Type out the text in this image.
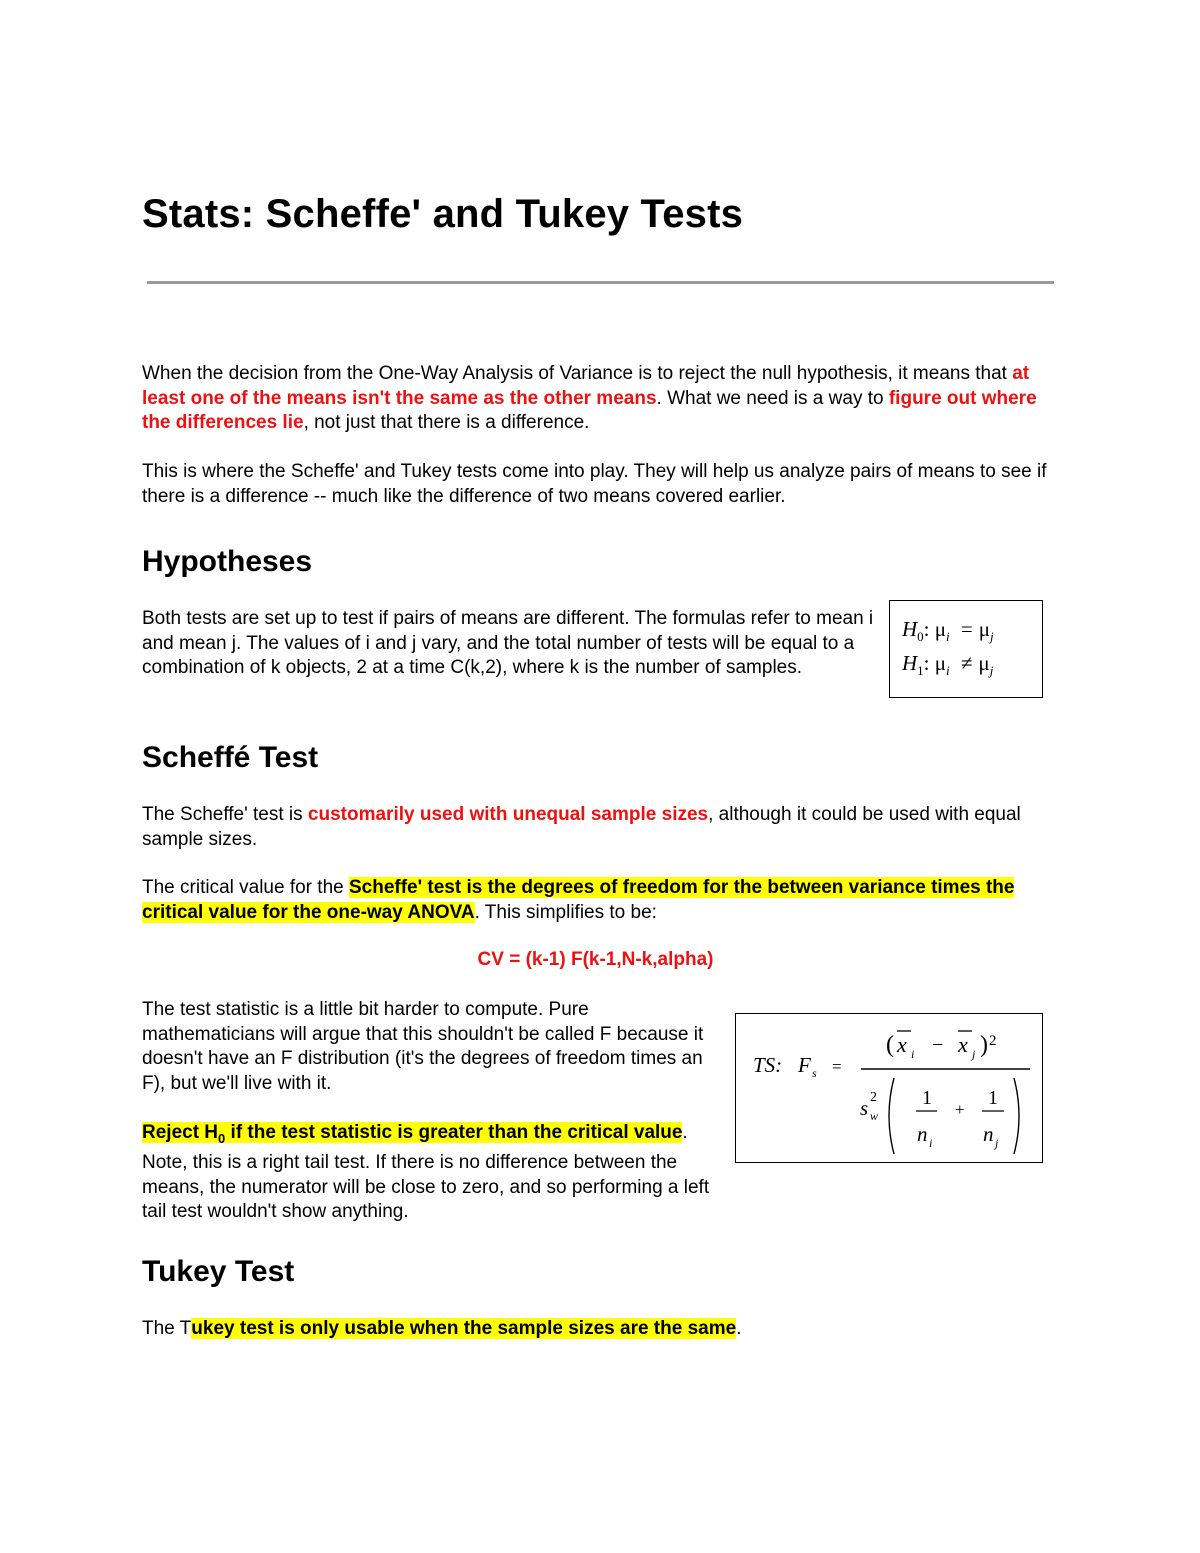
Stats: Scheffe' and Tukey Tests

When the decision from the One-Way Analysis of Variance is to reject the null hypothesis, it means that at least one of the means isn't the same as the other means. What we need is a way to figure out where the differences lie, not just that there is a difference.

This is where the Scheffe' and Tukey tests come into play. They will help us analyze pairs of means to see if there is a difference -- much like the difference of two means covered earlier.

Hypotheses

Both tests are set up to test if pairs of means are different. The formulas refer to mean i and mean j. The values of i and j vary, and the total number of tests will be equal to a combination of k objects, 2 at a time C(k,2), where k is the number of samples.

$H_0$: $\mu_i = \mu_j$
$H_1$: $\mu_i \ne \mu_j$
Scheffé Test

The Scheffe' test is customarily used with unequal sample sizes, although it could be used with equal sample sizes.

The critical value for the Scheffe' test is the degrees of freedom for the between variance times the critical value for the one-way ANOVA. This simplifies to be:

CV = (k-1) F(k-1,N-k,alpha)

The test statistic is a little bit harder to compute. Pure mathematicians will argue that this shouldn't be called F because it doesn't have an F distribution (it's the degrees of freedom times an F), but we'll live with it.

Reject $H_0$ if the test statistic is greater than the critical value. Note, this is a right tail test. If there is no difference between the means, the numerator will be close to zero, and so performing a left tail test wouldn't show anything.

TS: F s =
( x i − x j ) 2
s 2
w
1
n i
+
1
n j
Tukey Test

The Tukey test is only usable when the sample sizes are the same.
